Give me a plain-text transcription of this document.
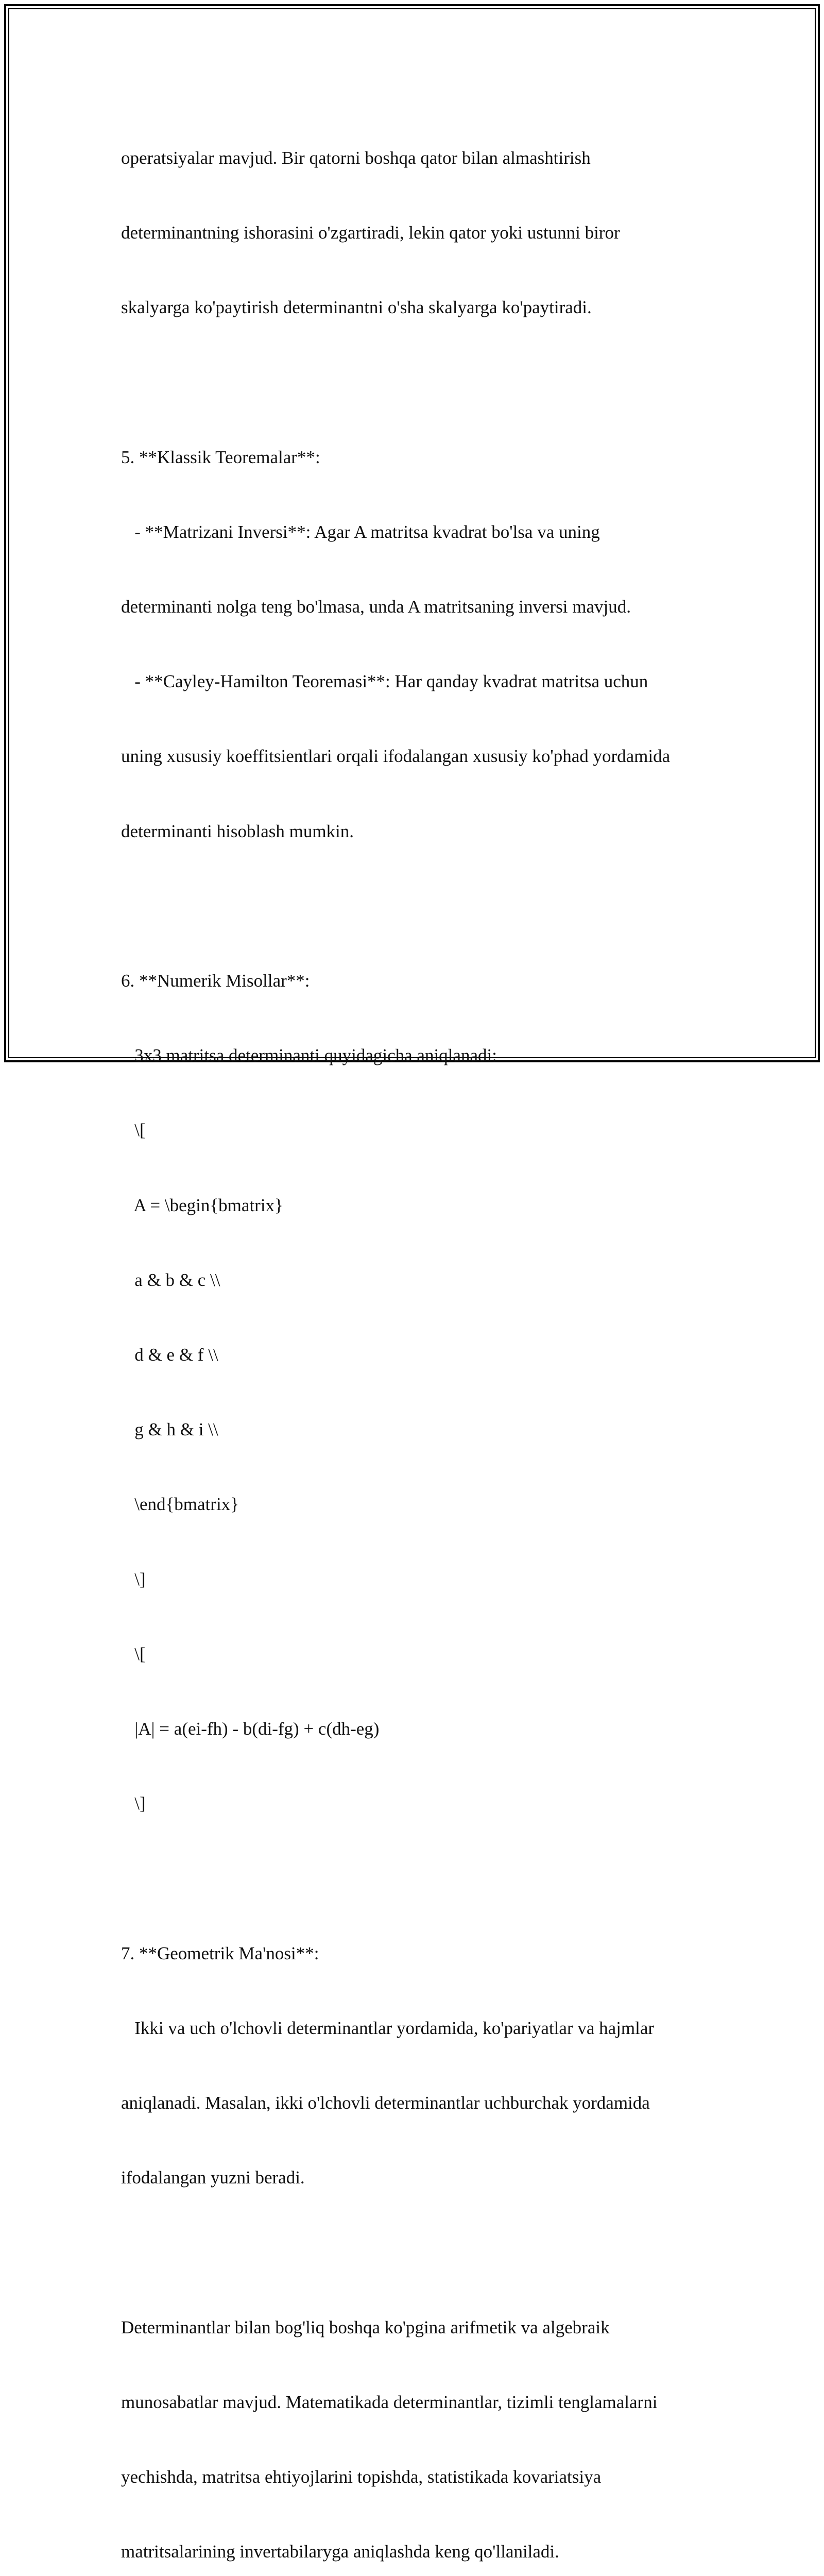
operatsiyalar mavjud. Bir qatorni boshqa qator bilan almashtirish

determinantning ishorasini o'zgartiradi, lekin qator yoki ustunni biror

skalyarga ko'paytirish determinantni o'sha skalyarga ko'paytiradi.

5. **Klassik Teoremalar**:

- **Matrizani Inversi**: Agar A matritsa kvadrat bo'lsa va uning

determinanti nolga teng bo'lmasa, unda A matritsaning inversi mavjud.

- **Cayley-Hamilton Teoremasi**: Har qanday kvadrat matritsa uchun

uning xususiy koeffitsientlari orqali ifodalangan xususiy ko'phad yordamida

determinanti hisoblash mumkin.

6. **Numerik Misollar**:

3x3 matritsa determinanti quyidagicha aniqlanadi:

\[

A = \begin{bmatrix}

a & b & c \\

d & e & f \\

g & h & i \\

\end{bmatrix}

\]

\[

|A| = a(ei-fh) - b(di-fg) + c(dh-eg)

\]

7. **Geometrik Ma'nosi**:

Ikki va uch o'lchovli determinantlar yordamida, ko'pariyatlar va hajmlar

aniqlanadi. Masalan, ikki o'lchovli determinantlar uchburchak yordamida

ifodalangan yuzni beradi.

Determinantlar bilan bog'liq boshqa ko'pgina arifmetik va algebraik

munosabatlar mavjud. Matematikada determinantlar, tizimli tenglamalarni

yechishda, matritsa ehtiyojlarini topishda, statistikada kovariatsiya

matritsalarining invertabilaryga aniqlashda keng qo'llaniladi.
